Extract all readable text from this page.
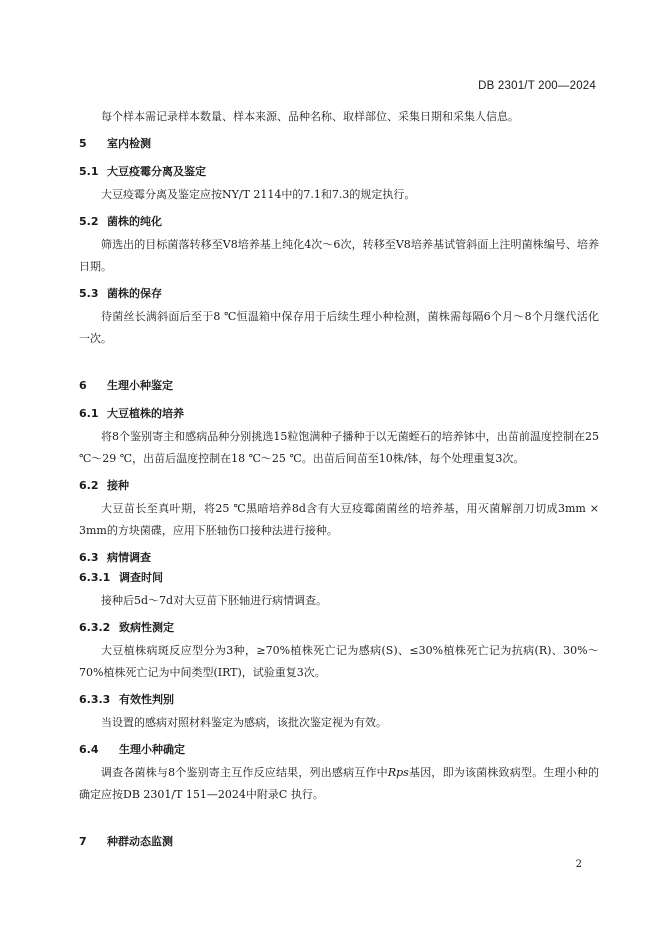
DB 2301/T 200—2024

每个样本需记录样本数量、样本来源、品种名称、取样部位、采集日期和采集人信息。

5 室内检测
5.1 大豆疫霉分离及鉴定

大豆疫霉分离及鉴定应按NY/T 2114中的7.1和7.3的规定执行。

5.2 菌株的纯化

筛选出的目标菌落转移至V8培养基上纯化4次～6次，转移至V8培养基试管斜面上注明菌株编号、培养日期。

5.3 菌株的保存

待菌丝长满斜面后至于8 ℃恒温箱中保存用于后续生理小种检测，菌株需每隔6个月～8个月继代活化一次。

6 生理小种鉴定
6.1 大豆植株的培养

将8个鉴别寄主和感病品种分别挑选15粒饱满种子播种于以无菌蛭石的培养钵中，出苗前温度控制在25 ℃～29 ℃，出苗后温度控制在18 ℃～25 ℃。出苗后间苗至10株/钵，每个处理重复3次。

6.2 接种

大豆苗长至真叶期，将25 ℃黑暗培养8d含有大豆疫霉菌菌丝的培养基，用灭菌解剖刀切成3mm × 3mm的方块菌碟，应用下胚轴伤口接种法进行接种。

6.3 病情调查
6.3.1 调查时间

接种后5d～7d对大豆苗下胚轴进行病情调查。

6.3.2 致病性测定

大豆植株病斑反应型分为3种，≥70%植株死亡记为感病(S)、≤30%植株死亡记为抗病(R)、30%～70%植株死亡记为中间类型(IRT)，试验重复3次。

6.3.3 有效性判别

当设置的感病对照材料鉴定为感病，该批次鉴定视为有效。

6.4 生理小种确定

调查各菌株与8个鉴别寄主互作反应结果，列出感病互作中Rps基因，即为该菌株致病型。生理小种的确定应按DB 2301/T 151—2024中附录C 执行。

7 种群动态监测
2
